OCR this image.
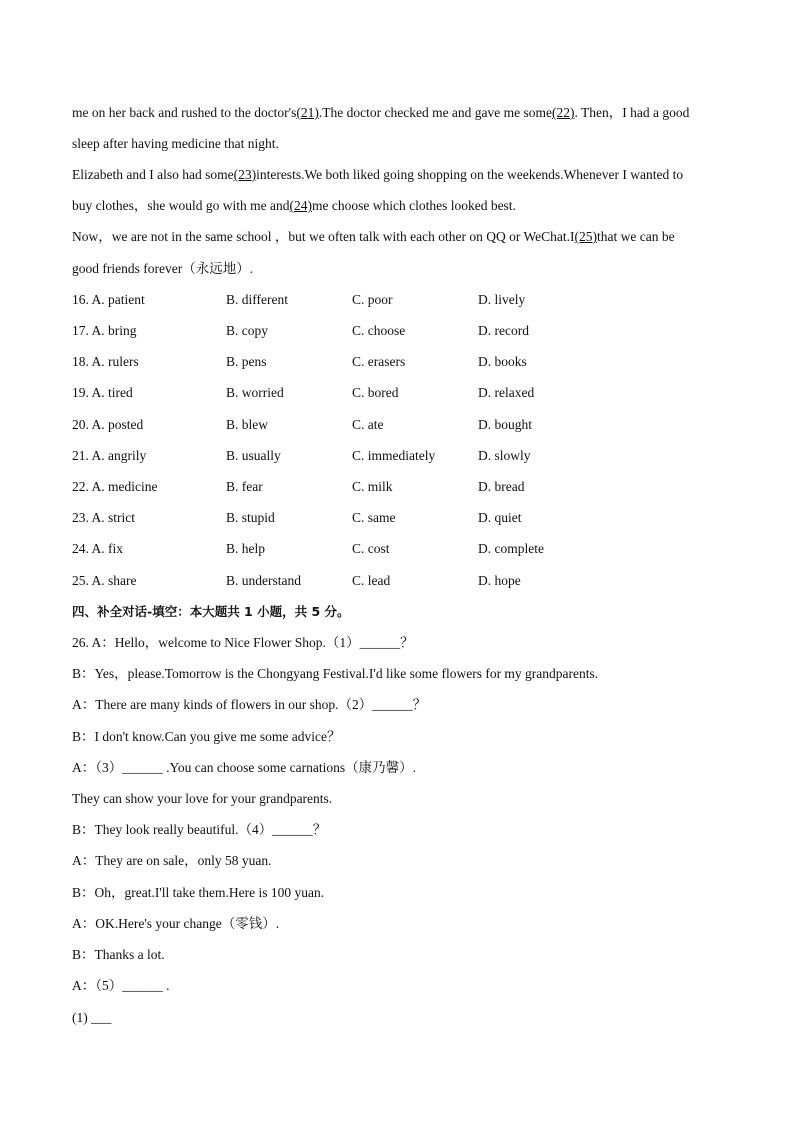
me on her back and rushed to the doctor's(21).The doctor checked me and gave me some(22). Then，I had a good
sleep after having medicine that night.
Elizabeth and I also had some(23)interests.We both liked going shopping on the weekends.Whenever I wanted to
buy clothes，she would go with me and(24)me choose which clothes looked best.
Now，we are not in the same school ，but we often talk with each other on QQ or WeChat.I(25)that we can be
good friends forever（永远地）.
16. A. patient	B. different	C. poor	D. lively
17. A. bring	B. copy	C. choose	D. record
18. A. rulers	B. pens	C. erasers	D. books
19. A. tired	B. worried	C. bored	D. relaxed
20. A. posted	B. blew	C. ate	D. bought
21. A. angrily	B. usually	C. immediately	D. slowly
22. A. medicine	B. fear	C. milk	D. bread
23. A. strict	B. stupid	C. same	D. quiet
24. A. fix	B. help	C. cost	D. complete
25. A. share	B. understand	C. lead	D. hope
四、补全对话-填空：本大题共 1 小题，共 5 分。
26. A：Hello，welcome to Nice Flower Shop.（1）______？
B：Yes，please.Tomorrow is the Chongyang Festival.I'd like some flowers for my grandparents.
A：There are many kinds of flowers in our shop.（2）______？
B：I don't know.Can you give me some advice？
A：（3）______ .You can choose some carnations（康乃馨）.
They can show your love for your grandparents.
B：They look really beautiful.（4）______？
A：They are on sale，only 58 yuan.
B：Oh，great.I'll take them.Here is 100 yuan.
A：OK.Here's your change（零钱）.
B：Thanks a lot.
A：（5）______ .
(1) ___
